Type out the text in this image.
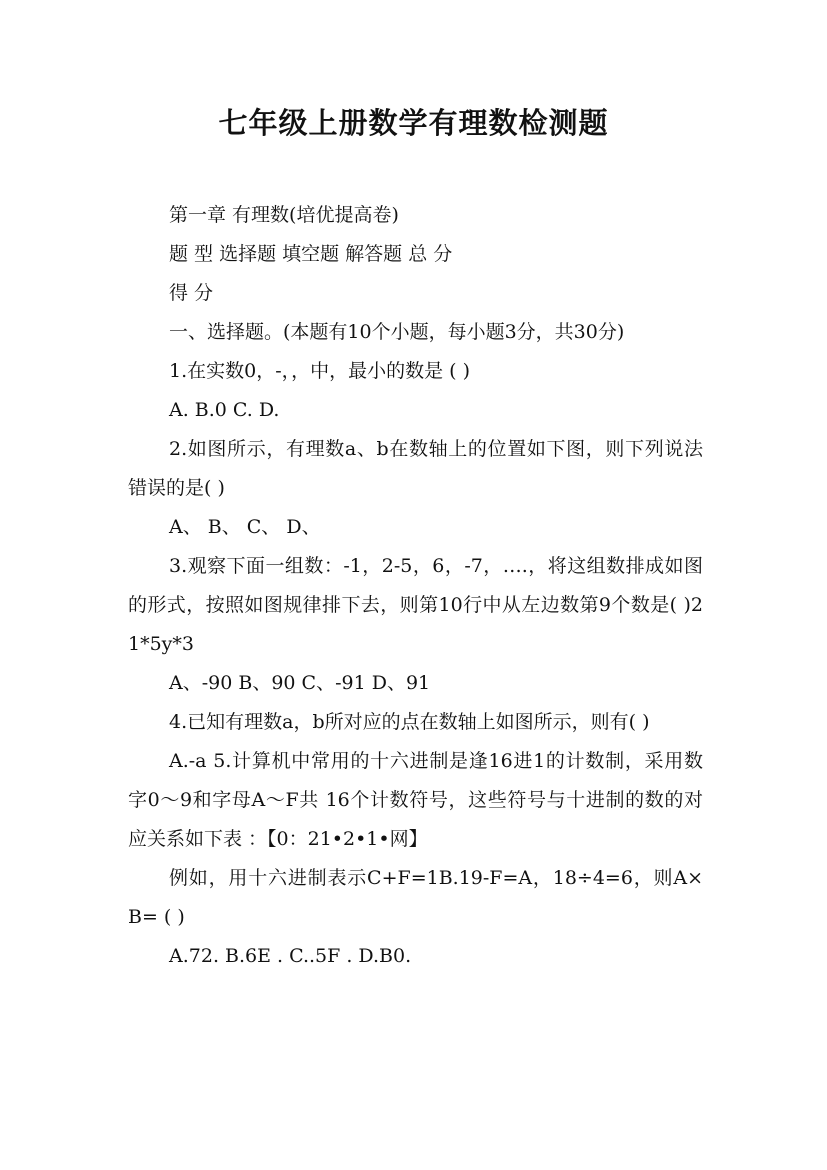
七年级上册数学有理数检测题

第一章 有理数(培优提高卷)

题 型 选择题 填空题 解答题 总 分

得 分

一、选择题。(本题有10个小题，每小题3分，共30分)

1.在实数0，-，，中，最小的数是 ( )

A. B.0 C. D.

2.如图所示，有理数a、b在数轴上的位置如下图，则下列说法错误的是( )

A、 B、 C、 D、

3.观察下面一组数：-1，2-5，6，-7，….，将这组数排成如图的形式，按照如图规律排下去，则第10行中从左边数第9个数是( )21*5y*3

A、-90 B、90 C、-91 D、91

4.已知有理数a，b所对应的点在数轴上如图所示，则有( )

A.-a 5.计算机中常用的十六进制是逢16进1的计数制，采用数字0～9和字母A～F共 16个计数符号，这些符号与十进制的数的对应关系如下表 ：【0：21•2•1•网】

例如，用十六进制表示C+F=1B.19-F=A，18÷4=6，则A×B= ( )

A.72. B.6E . C..5F . D.B0.
